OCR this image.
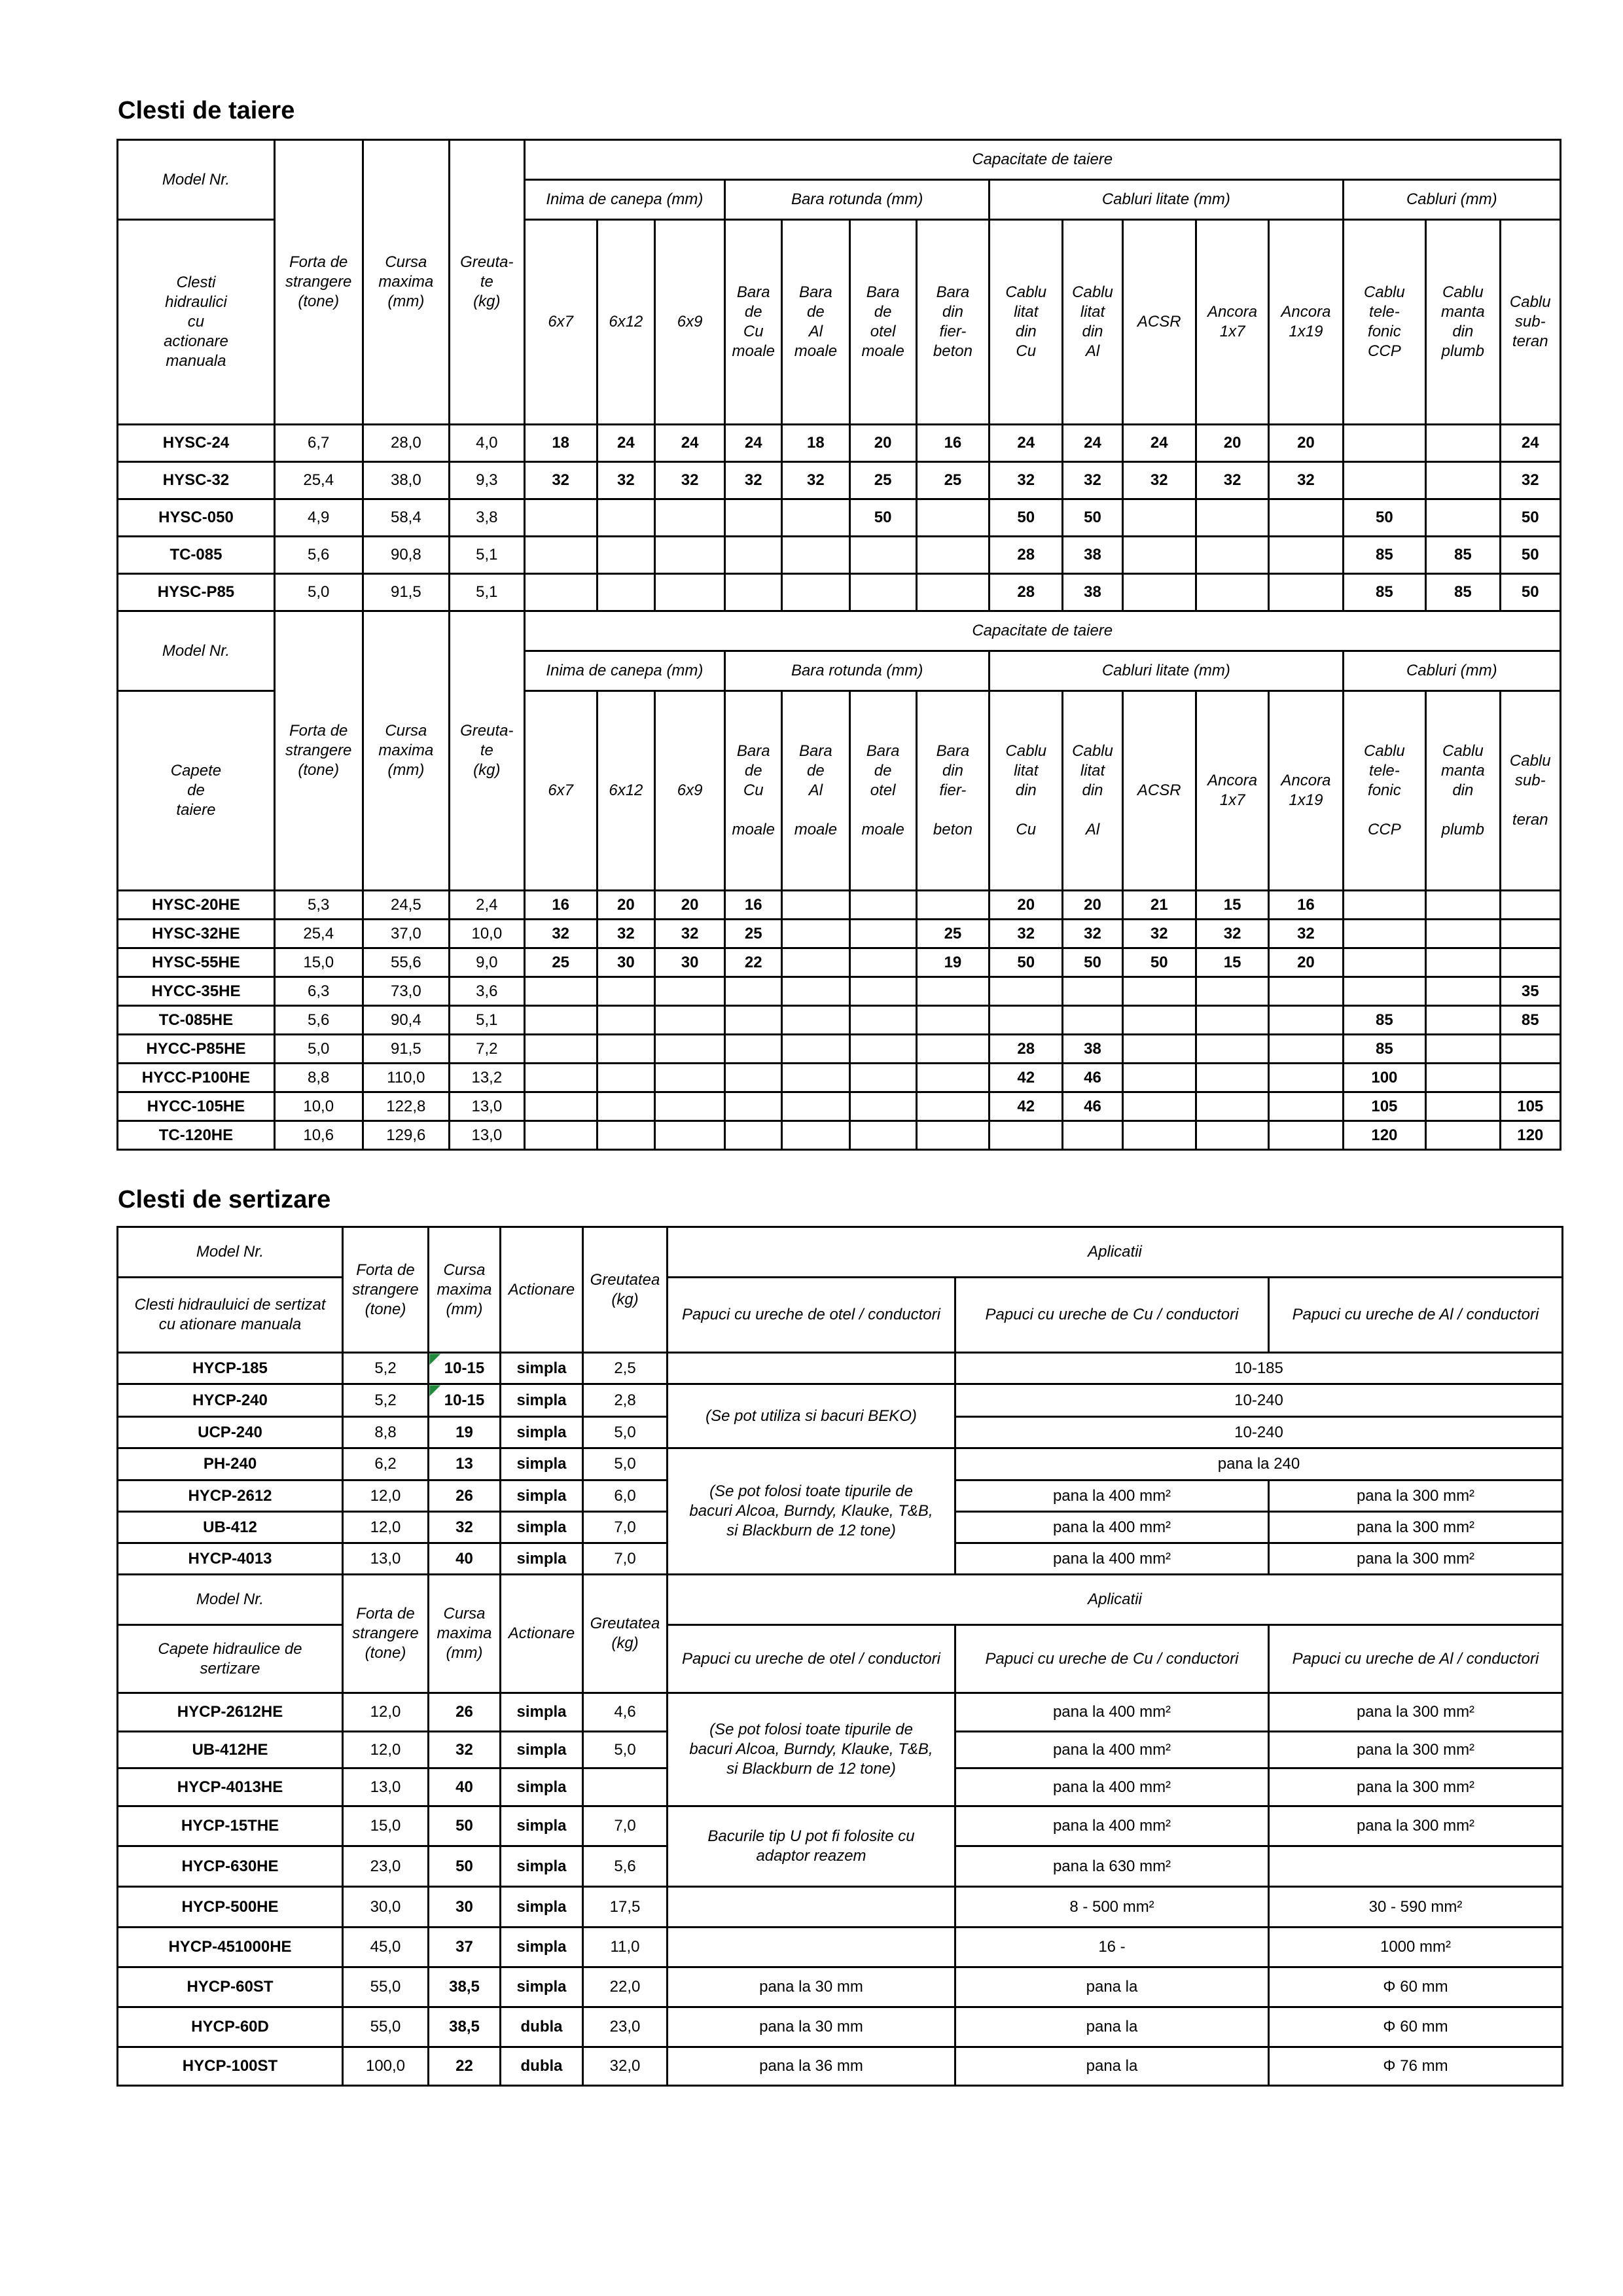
Clesti de taiere
Model Nr.	Forta de
strangere
(tone)	Cursa
maxima
(mm)	Greuta-
te
(kg)	Capacitate de taiere														
				Inima de canepa (mm)			Bara rotunda (mm)				Cabluri litate (mm)					Cabluri (mm)		
Clesti
hidraulici
cu
actionare
manuala				6x7	6x12	6x9	Bara
de
Cu
moale	Bara
de
Al
moale	Bara
de
otel
moale	Bara
din
fier-
beton	Cablu
litat
din
Cu	Cablu
litat
din
Al	ACSR	Ancora
1x7	Ancora
1x19	Cablu
tele-
fonic
CCP	Cablu
manta
din
plumb	Cablu
sub-
teran
HYSC-24	6,7	28,0	4,0	18	24	24	24	18	20	16	24	24	24	20	20			24
HYSC-32	25,4	38,0	9,3	32	32	32	32	32	25	25	32	32	32	32	32			32
HYSC-050	4,9	58,4	3,8						50		50	50				50		50
TC-085	5,6	90,8	5,1								28	38				85	85	50
HYSC-P85	5,0	91,5	5,1								28	38				85	85	50
Model Nr.	Forta de
strangere
(tone)	Cursa
maxima
(mm)	Greuta-
te
(kg)	Capacitate de taiere														
				Inima de canepa (mm)			Bara rotunda (mm)				Cabluri litate (mm)					Cabluri (mm)		
Capete
de
taiere				6x7	6x12	6x9	Bara
de
Cu

moale	Bara
de
Al

moale	Bara
de
otel

moale	Bara
din
fier-

beton	Cablu
litat
din

Cu	Cablu
litat
din

Al	ACSR	Ancora
1x7	Ancora
1x19	Cablu
tele-
fonic

CCP	Cablu
manta
din

plumb	Cablu
sub-

teran
HYSC-20HE	5,3	24,5	2,4	16	20	20	16				20	20	21	15	16			
HYSC-32HE	25,4	37,0	10,0	32	32	32	25			25	32	32	32	32	32			
HYSC-55HE	15,0	55,6	9,0	25	30	30	22			19	50	50	50	15	20			
HYCC-35HE	6,3	73,0	3,6															35
TC-085HE	5,6	90,4	5,1													85		85
HYCC-P85HE	5,0	91,5	7,2								28	38				85		
HYCC-P100HE	8,8	110,0	13,2								42	46				100		
HYCC-105HE	10,0	122,8	13,0								42	46				105		105
TC-120HE	10,6	129,6	13,0													120		120
Clesti de sertizare
Model Nr.	Forta de
strangere
(tone)	Cursa
maxima
(mm)	Actionare	Greutatea
(kg)	Aplicatii			
Clesti hidrauluici de sertizat
cu ationare manuala					Papuci cu ureche de otel / conductori	Papuci cu ureche de Cu / conductori	Papuci cu ureche de Al / conductori	
HYCP-185	5,2	10-15	simpla	2,5		10-185	
HYCP-240	5,2	10-15	simpla	2,8	(Se pot utiliza si bacuri BEKO)	10-240	
UCP-240	8,8	19	simpla	5,0		10-240	
PH-240	6,2	13	simpla	5,0	(Se pot folosi toate tipurile de
bacuri Alcoa, Burndy, Klauke, T&B,
si Blackburn de 12 tone)	pana la 240	
HYCP-2612	12,0	26	simpla	6,0		pana la 400 mm²	pana la 300 mm²	
UB-412	12,0	32	simpla	7,0		pana la 400 mm²	pana la 300 mm²	
HYCP-4013	13,0	40	simpla	7,0		pana la 400 mm²	pana la 300 mm²	
Model Nr.	Forta de
strangere
(tone)	Cursa
maxima
(mm)	Actionare	Greutatea
(kg)	Aplicatii			
Capete hidraulice de
sertizare					Papuci cu ureche de otel / conductori	Papuci cu ureche de Cu / conductori	Papuci cu ureche de Al / conductori	
HYCP-2612HE	12,0	26	simpla	4,6	(Se pot folosi toate tipurile de
bacuri Alcoa, Burndy, Klauke, T&B,
si Blackburn de 12 tone)	pana la 400 mm²	pana la 300 mm²	
UB-412HE	12,0	32	simpla	5,0		pana la 400 mm²	pana la 300 mm²	
HYCP-4013HE	13,0	40	simpla			pana la 400 mm²	pana la 300 mm²	
HYCP-15THE	15,0	50	simpla	7,0	Bacurile tip U pot fi folosite cu
adaptor reazem	pana la 400 mm²	pana la 300 mm²	
HYCP-630HE	23,0	50	simpla	5,6		pana la 630 mm²		
HYCP-500HE	30,0	30	simpla	17,5		8 - 500 mm²	30 - 590 mm²	
HYCP-451000HE	45,0	37	simpla	11,0		16 -	1000 mm²	
HYCP-60ST	55,0	38,5	simpla	22,0	pana la 30 mm	pana la	Φ 60 mm	
HYCP-60D	55,0	38,5	dubla	23,0	pana la 30 mm	pana la	Φ 60 mm	
HYCP-100ST	100,0	22	dubla	32,0	pana la 36 mm	pana la	Φ 76 mm	
